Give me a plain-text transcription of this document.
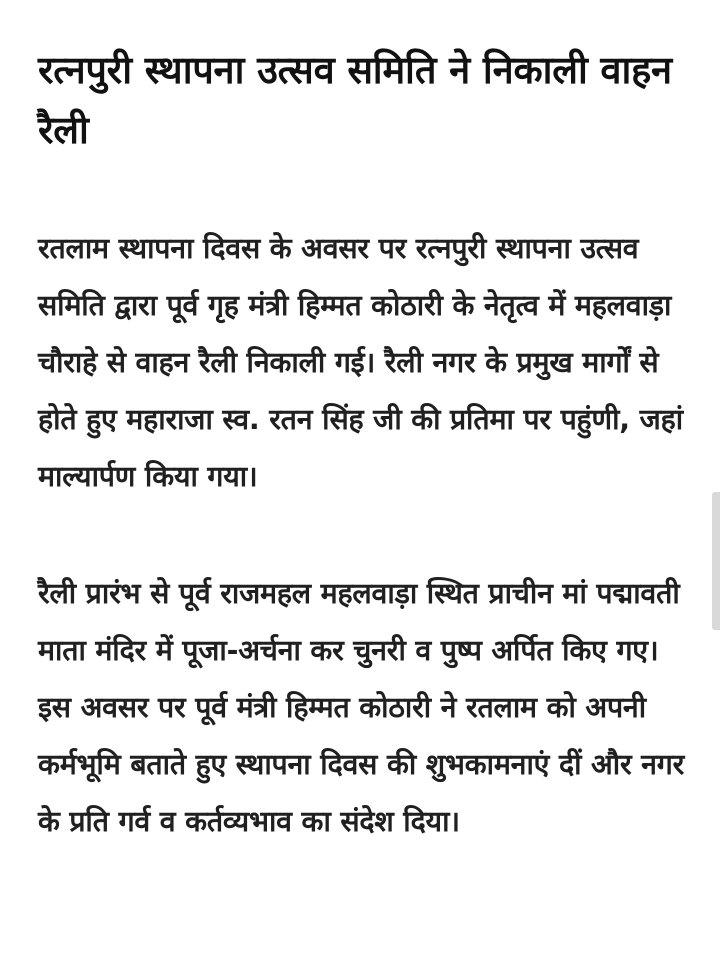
रत्नपुरी स्थापना उत्सव समिति ने निकाली वाहन रैली

रतलाम स्थापना दिवस के अवसर पर रत्नपुरी स्थापना उत्सव समिति द्वारा पूर्व गृह मंत्री हिम्मत कोठारी के नेतृत्व में महलवाड़ा चौराहे से वाहन रैली निकाली गई। रैली नगर के प्रमुख मार्गों से होते हुए महाराजा स्व. रतन सिंह जी की प्रतिमा पर पहुंणी, जहां माल्यार्पण किया गया।

रैली प्रारंभ से पूर्व राजमहल महलवाड़ा स्थित प्राचीन मां पद्मावती माता मंदिर में पूजा-अर्चना कर चुनरी व पुष्प अर्पित किए गए। इस अवसर पर पूर्व मंत्री हिम्मत कोठारी ने रतलाम को अपनी कर्मभूमि बताते हुए स्थापना दिवस की शुभकामनाएं दीं और नगर के प्रति गर्व व कर्तव्यभाव का संदेश दिया।
